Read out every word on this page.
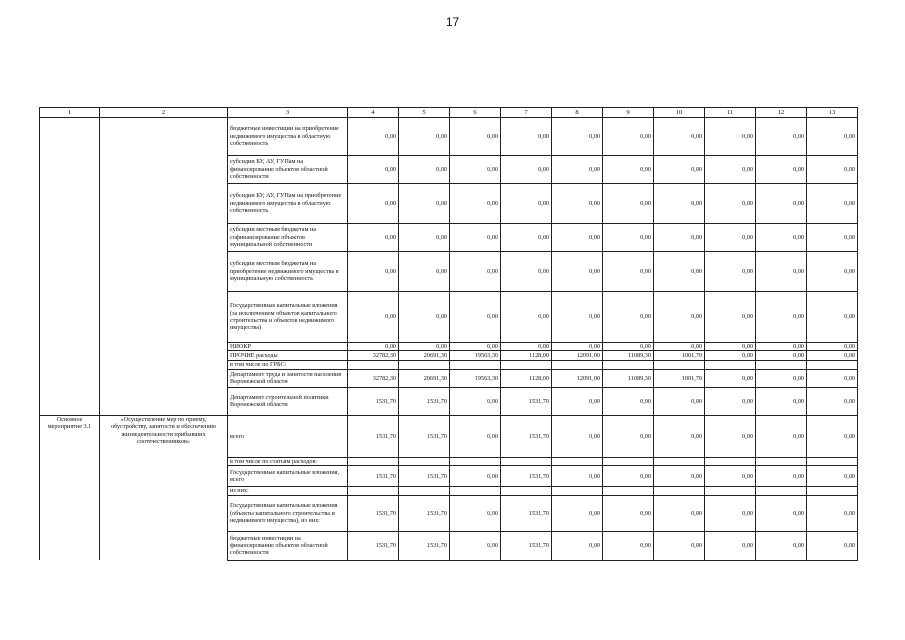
17
1	2	3	4	5	6	7	8	9	10	11	12	13
		бюджетные инвестиции на приобретение недвижимого имущества в областную собственность	0,00	0,00	0,00	0,00	0,00	0,00	0,00	0,00	0,00	0,00
		субсидии БУ, АУ, ГУПам на финансирование объектов областной собственности	0,00	0,00	0,00	0,00	0,00	0,00	0,00	0,00	0,00	0,00
		субсидии БУ, АУ, ГУПам на приобретение недвижимого имущества в областную собственность	0,00	0,00	0,00	0,00	0,00	0,00	0,00	0,00	0,00	0,00
		субсидии местным бюджетам на софинансирование объектов муниципальной собственности	0,00	0,00	0,00	0,00	0,00	0,00	0,00	0,00	0,00	0,00
		субсидии местным бюджетам на приобретение недвижимого имущества в муниципальную собственность	0,00	0,00	0,00	0,00	0,00	0,00	0,00	0,00	0,00	0,00
		Государственные капитальные вложения (за исключением объектов капитального строительства и объектов недвижимого имущества)	0,00	0,00	0,00	0,00	0,00	0,00	0,00	0,00	0,00	0,00
		НИОКР	0,00	0,00	0,00	0,00	0,00	0,00	0,00	0,00	0,00	0,00
		ПРОЧИЕ расходы	32782,30	20691,30	19563,30	1128,00	12091,00	11089,30	1001,70	0,00	0,00	0,00
		в том числе по ГРБС:										
		Департамент труда и занятости населения Воронежской области	32782,30	20691,30	19563,30	1128,00	12091,00	11089,30	1001,70	0,00	0,00	0,00
		Департамент строительной политики Воронежской области	1531,70	1531,70	0,00	1531,70	0,00	0,00	0,00	0,00	0,00	0,00
Основное мероприятие 3.1	«Осуществление мер по приему, обустройству, занятости и обеспечению жизнедеятельности прибывших соотечественников»	всего	1531,70	1531,70	0,00	1531,70	0,00	0,00	0,00	0,00	0,00	0,00
		в том числе по статьям расходов:										
		Государственные капитальные вложения, всего	1531,70	1531,70	0,00	1531,70	0,00	0,00	0,00	0,00	0,00	0,00
		из них:										
		Государственные капитальные вложения (объекты капитального строительства и недвижимого имущества), из них:	1531,70	1531,70	0,00	1531,70	0,00	0,00	0,00	0,00	0,00	0,00
		бюджетные инвестиции на финансирование объектов областной собственности	1531,70	1531,70	0,00	1531,70	0,00	0,00	0,00	0,00	0,00	0,00
